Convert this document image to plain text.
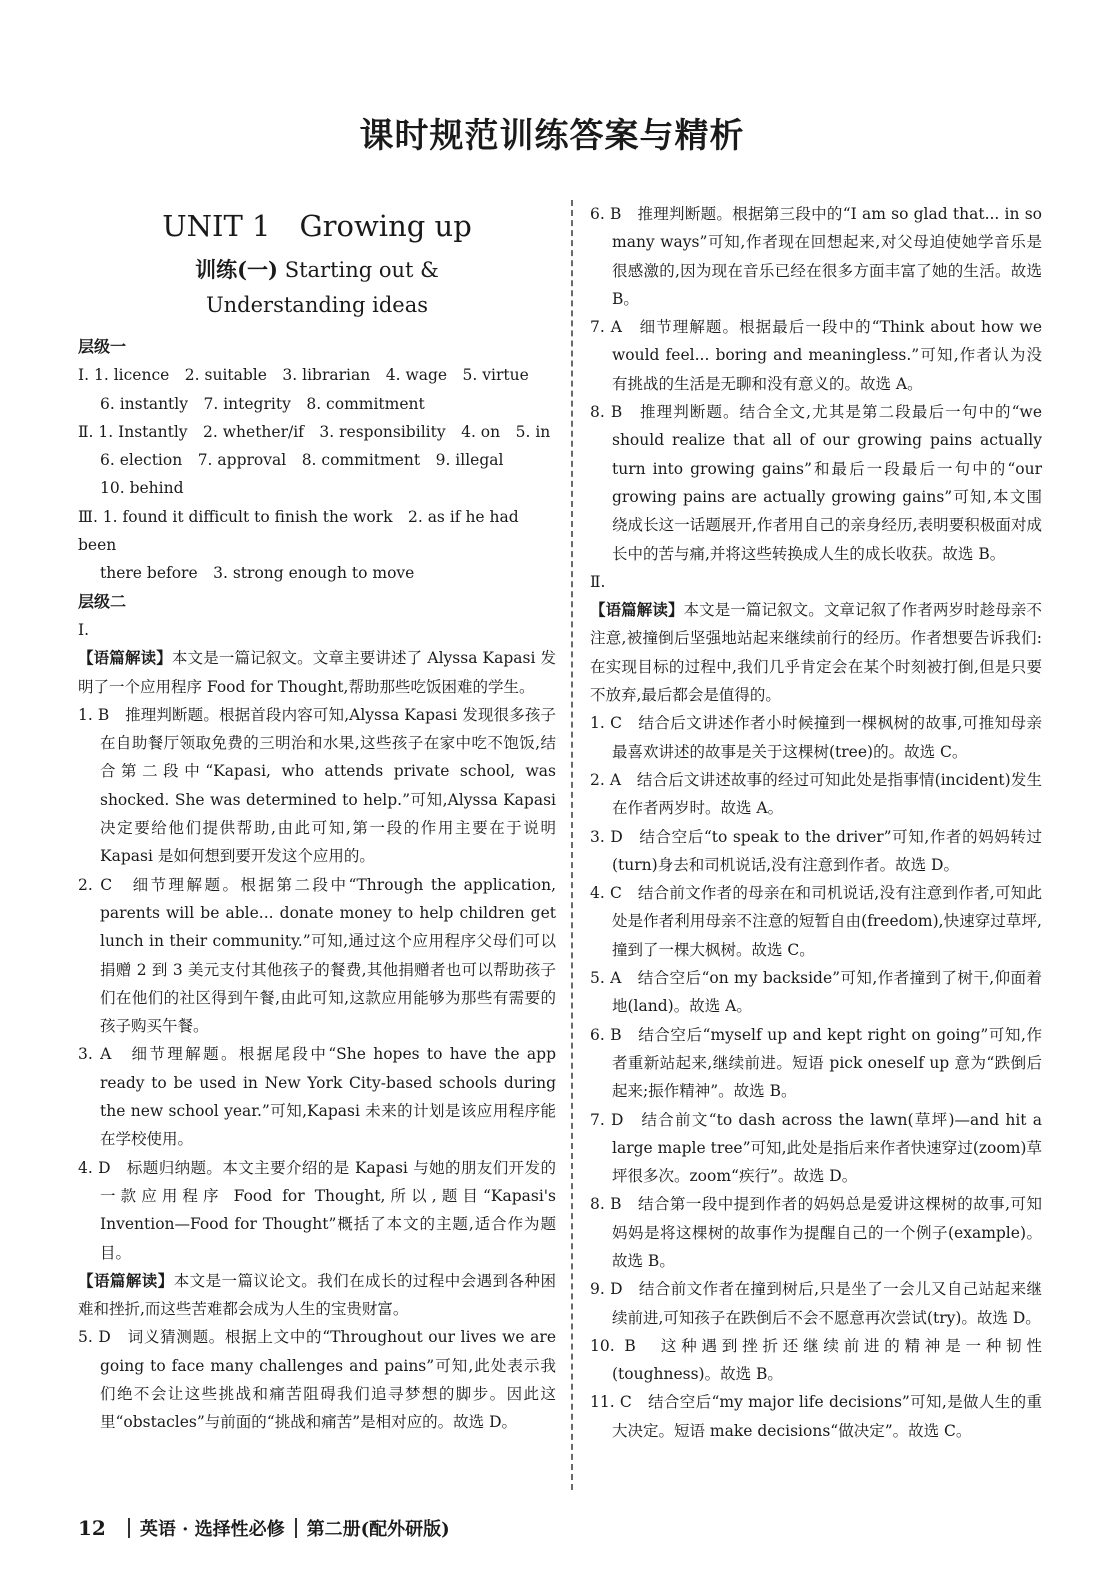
课时规范训练答案与精析
UNIT 1　Growing up
训练(一) Starting out &
Understanding ideas
层级一
Ⅰ. 1. licence　2. suitable　3. librarian　4. wage　5. virtue
6. instantly　7. integrity　8. commitment
Ⅱ. 1. Instantly　2. whether/if　3. responsibility　4. on　5. in
6. election　7. approval　8. commitment　9. illegal
10. behind
Ⅲ. 1. found it difficult to finish the work　2. as if he had been
there before　3. strong enough to move
层级二
Ⅰ.
【语篇解读】本文是一篇记叙文。文章主要讲述了 Alyssa Kapasi 发明了一个应用程序 Food for Thought,帮助那些吃饭困难的学生。
1. B　推理判断题。根据首段内容可知,Alyssa Kapasi 发现很多孩子在自助餐厅领取免费的三明治和水果,这些孩子在家中吃不饱饭,结合第二段中“Kapasi, who attends private school, was shocked. She was determined to help.”可知,Alyssa Kapasi 决定要给他们提供帮助,由此可知,第一段的作用主要在于说明 Kapasi 是如何想到要开发这个应用的。
2. C　细节理解题。根据第二段中“Through the application, parents will be able... donate money to help children get lunch in their community.”可知,通过这个应用程序父母们可以捐赠 2 到 3 美元支付其他孩子的餐费,其他捐赠者也可以帮助孩子们在他们的社区得到午餐,由此可知,这款应用能够为那些有需要的孩子购买午餐。
3. A　细节理解题。根据尾段中“She hopes to have the app ready to be used in New York City-based schools during the new school year.”可知,Kapasi 未来的计划是该应用程序能在学校使用。
4. D　标题归纳题。本文主要介绍的是 Kapasi 与她的朋友们开发的一款应用程序 Food for Thought,所以,题目“Kapasi's Invention—Food for Thought”概括了本文的主题,适合作为题目。
【语篇解读】本文是一篇议论文。我们在成长的过程中会遇到各种困难和挫折,而这些苦难都会成为人生的宝贵财富。
5. D　词义猜测题。根据上文中的“Throughout our lives we are going to face many challenges and pains”可知,此处表示我们绝不会让这些挑战和痛苦阻碍我们追寻梦想的脚步。因此这里“obstacles”与前面的“挑战和痛苦”是相对应的。故选 D。
6. B　推理判断题。根据第三段中的“I am so glad that... in so many ways”可知,作者现在回想起来,对父母迫使她学音乐是很感激的,因为现在音乐已经在很多方面丰富了她的生活。故选 B。
7. A　细节理解题。根据最后一段中的“Think about how we would feel... boring and meaningless.”可知,作者认为没有挑战的生活是无聊和没有意义的。故选 A。
8. B　推理判断题。结合全文,尤其是第二段最后一句中的“we should realize that all of our growing pains actually turn into growing gains”和最后一段最后一句中的“our growing pains are actually growing gains”可知,本文围绕成长这一话题展开,作者用自己的亲身经历,表明要积极面对成长中的苦与痛,并将这些转换成人生的成长收获。故选 B。
Ⅱ.
【语篇解读】本文是一篇记叙文。文章记叙了作者两岁时趁母亲不注意,被撞倒后坚强地站起来继续前行的经历。作者想要告诉我们:在实现目标的过程中,我们几乎肯定会在某个时刻被打倒,但是只要不放弃,最后都会是值得的。
1. C　结合后文讲述作者小时候撞到一棵枫树的故事,可推知母亲最喜欢讲述的故事是关于这棵树(tree)的。故选 C。
2. A　结合后文讲述故事的经过可知此处是指事情(incident)发生在作者两岁时。故选 A。
3. D　结合空后“to speak to the driver”可知,作者的妈妈转过(turn)身去和司机说话,没有注意到作者。故选 D。
4. C　结合前文作者的母亲在和司机说话,没有注意到作者,可知此处是作者利用母亲不注意的短暂自由(freedom),快速穿过草坪,撞到了一棵大枫树。故选 C。
5. A　结合空后“on my backside”可知,作者撞到了树干,仰面着地(land)。故选 A。
6. B　结合空后“myself up and kept right on going”可知,作者重新站起来,继续前进。短语 pick oneself up 意为“跌倒后起来;振作精神”。故选 B。
7. D　结合前文“to dash across the lawn(草坪)—and hit a large maple tree”可知,此处是指后来作者快速穿过(zoom)草坪很多次。zoom“疾行”。故选 D。
8. B　结合第一段中提到作者的妈妈总是爱讲这棵树的故事,可知妈妈是将这棵树的故事作为提醒自己的一个例子(example)。故选 B。
9. D　结合前文作者在撞到树后,只是坐了一会儿又自己站起来继续前进,可知孩子在跌倒后不会不愿意再次尝试(try)。故选 D。
10. B　这种遇到挫折还继续前进的精神是一种韧性(toughness)。故选 B。
11. C　结合空后“my major life decisions”可知,是做人生的重大决定。短语 make decisions“做决定”。故选 C。
12 英语 · 选择性必修 第二册(配外研版)
